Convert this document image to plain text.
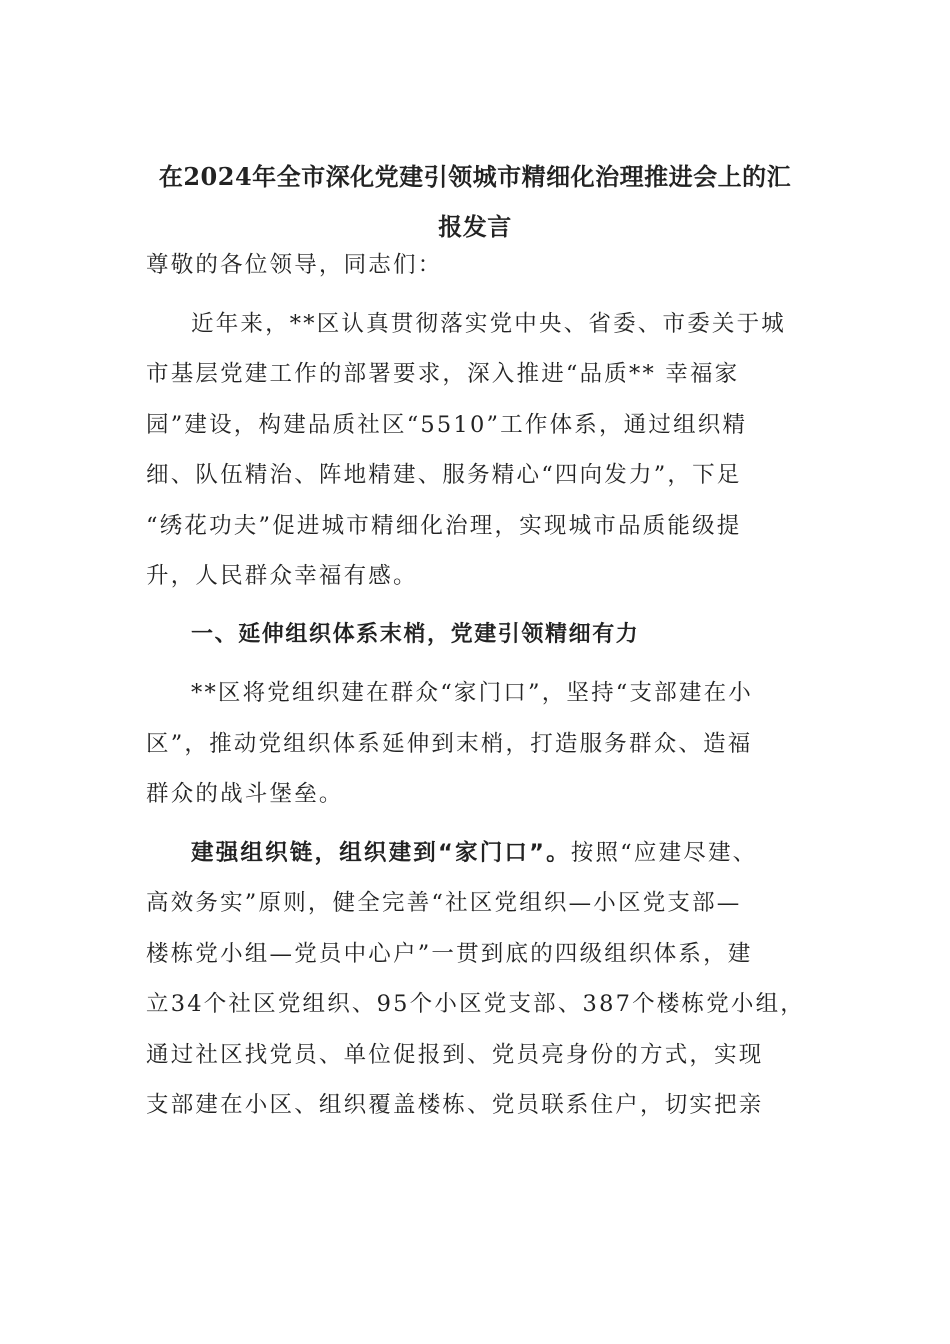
在2024年全市深化党建引领城市精细化治理推进会上的汇
报发言

尊敬的各位领导，同志们：

近年来，**区认真贯彻落实党中央、省委、市委关于城

市基层党建工作的部署要求，深入推进“品质** 幸福家

园”建设，构建品质社区“5510”工作体系，通过组织精

细、队伍精治、阵地精建、服务精心“四向发力”，下足

“绣花功夫”促进城市精细化治理，实现城市品质能级提

升，人民群众幸福有感。

一、延伸组织体系末梢，党建引领精细有力

**区将党组织建在群众“家门口”，坚持“支部建在小

区”，推动党组织体系延伸到末梢，打造服务群众、造福

群众的战斗堡垒。

建强组织链，组织建到“家门口”。按照“应建尽建、

高效务实”原则，健全完善“社区党组织—小区党支部—

楼栋党小组—党员中心户”一贯到底的四级组织体系，建

立34个社区党组织、95个小区党支部、387个楼栋党小组，

通过社区找党员、单位促报到、党员亮身份的方式，实现

支部建在小区、组织覆盖楼栋、党员联系住户，切实把亲
